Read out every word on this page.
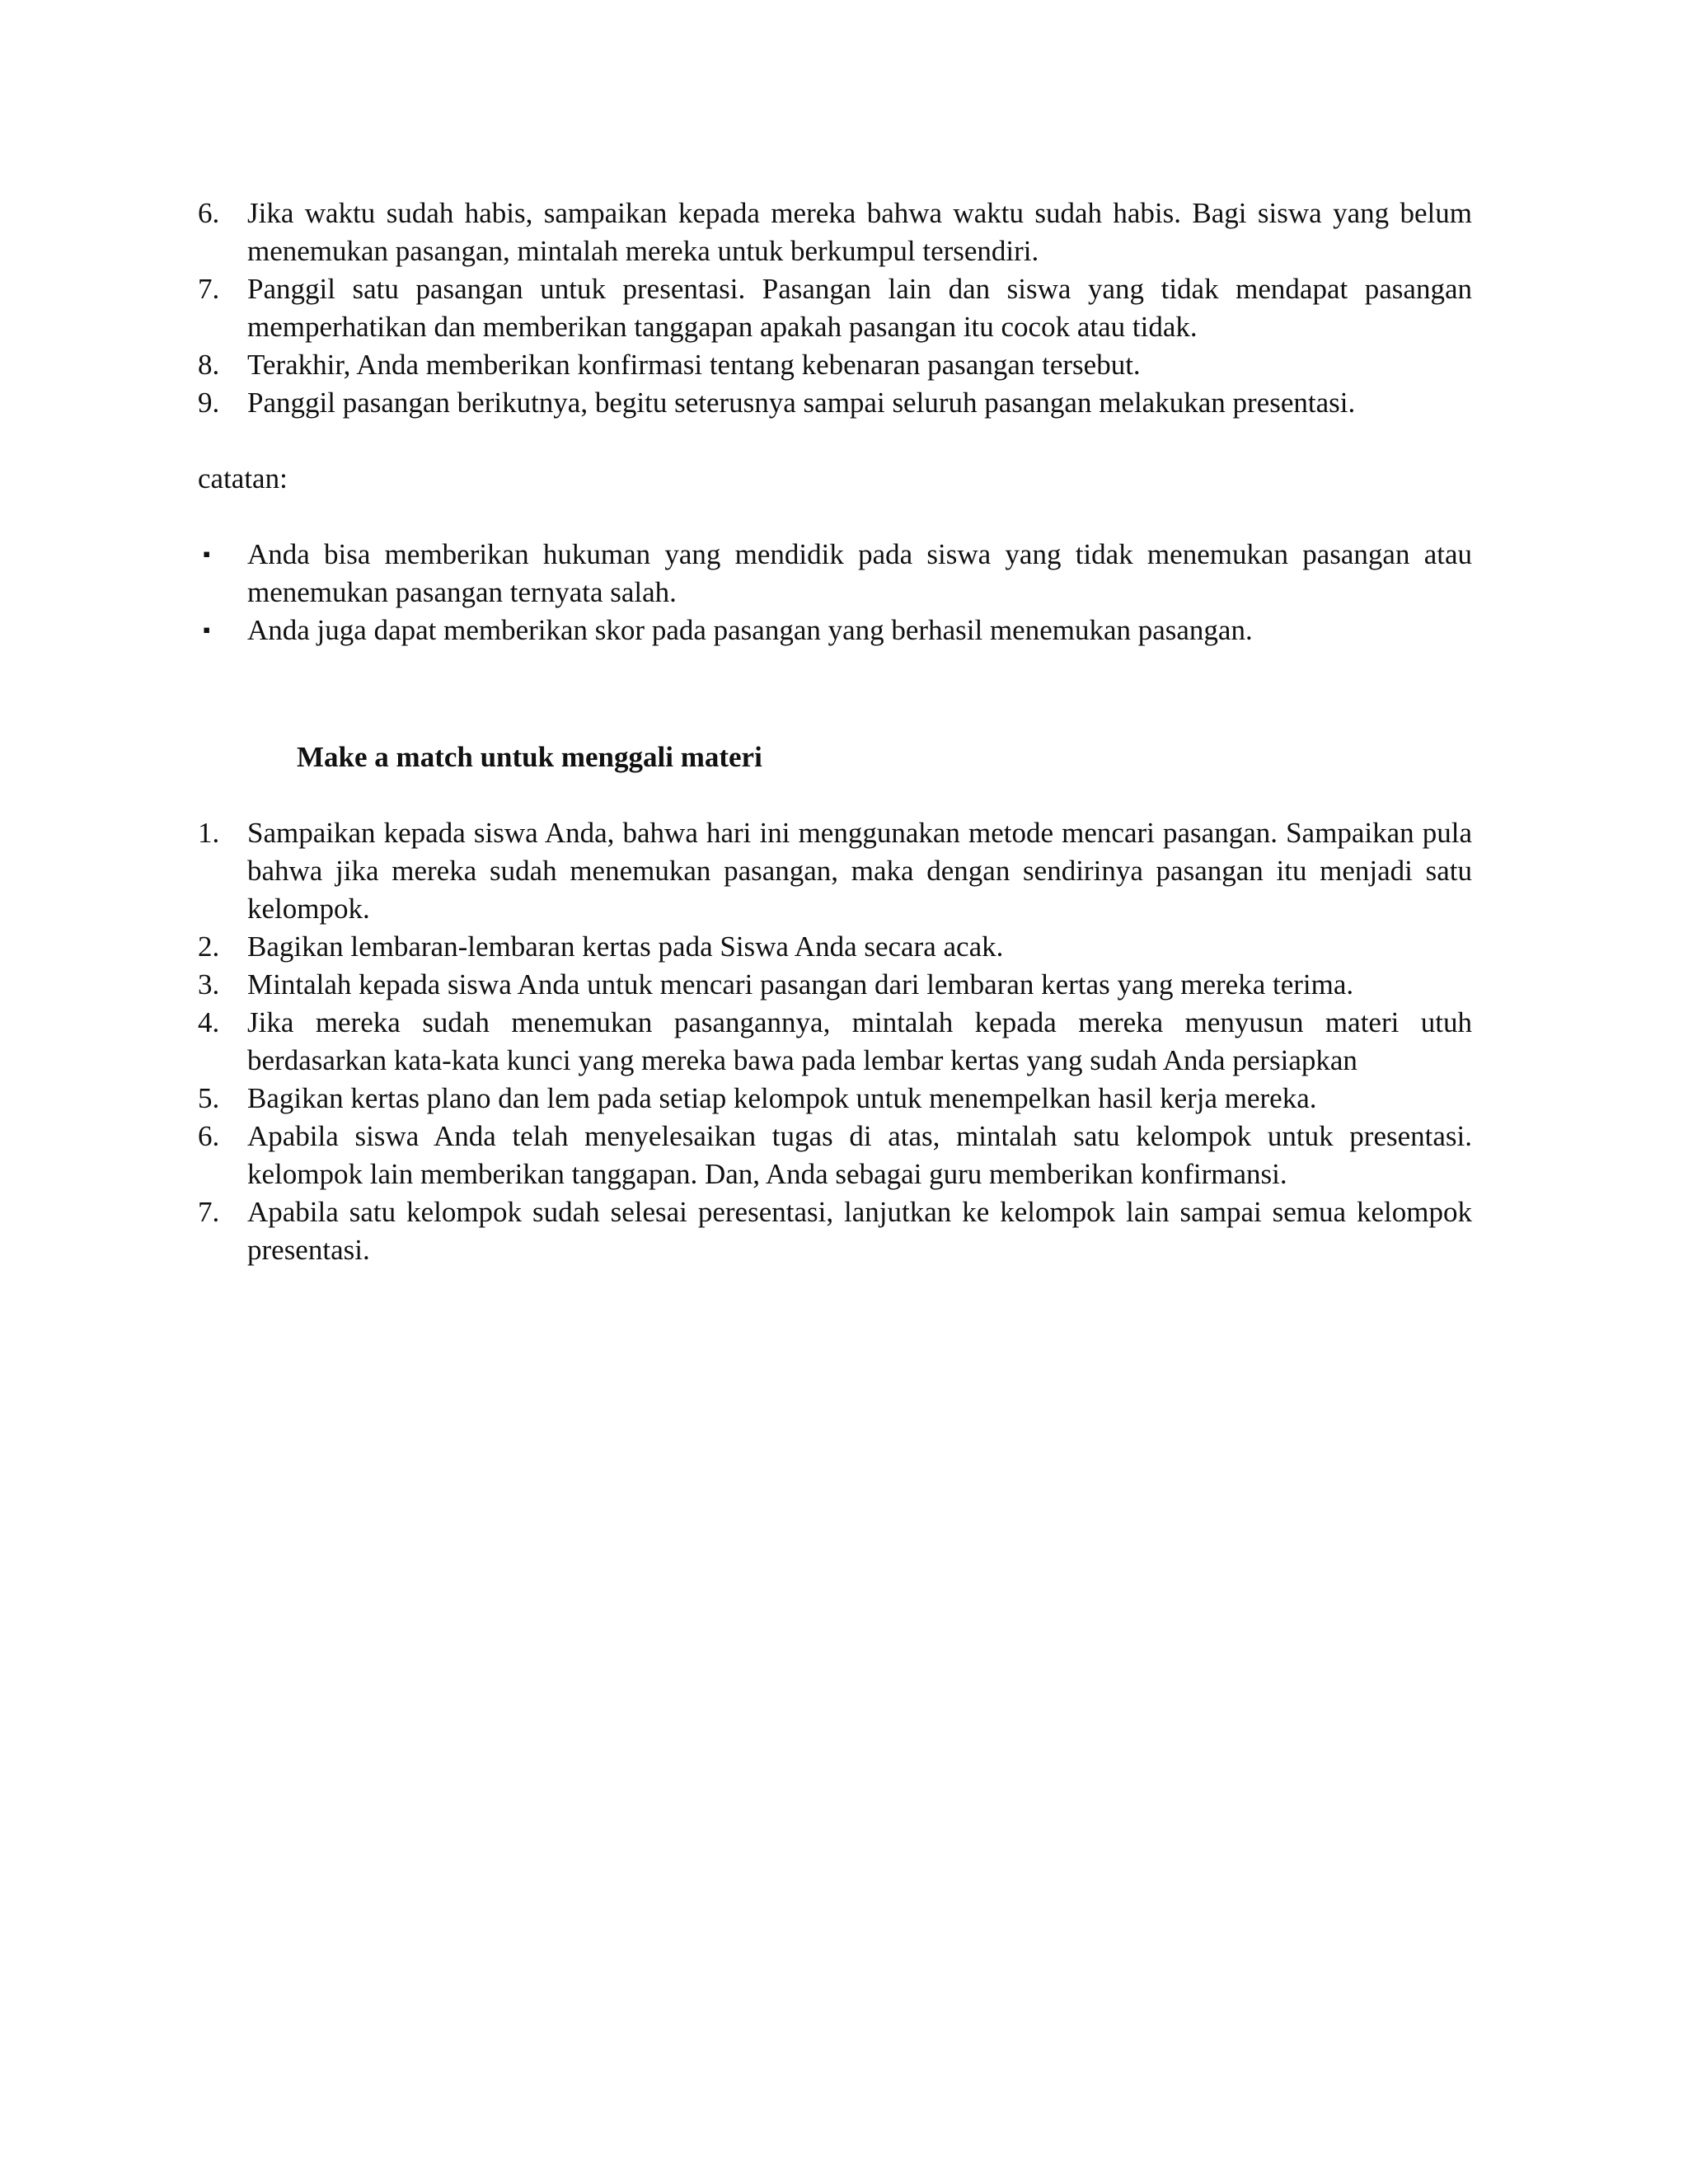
6. Jika waktu sudah habis, sampaikan kepada mereka bahwa waktu sudah habis. Bagi siswa yang belum menemukan pasangan, mintalah mereka untuk berkumpul tersendiri.
7. Panggil satu pasangan untuk presentasi. Pasangan lain dan siswa yang tidak mendapat pasangan memperhatikan dan memberikan tanggapan apakah pasangan itu cocok atau tidak.
8. Terakhir, Anda memberikan konfirmasi tentang kebenaran pasangan tersebut.
9. Panggil pasangan berikutnya, begitu seterusnya sampai seluruh pasangan melakukan presentasi.
catatan:
▪	Anda bisa memberikan hukuman yang mendidik pada siswa yang tidak menemukan pasangan atau menemukan pasangan ternyata salah.
▪	Anda juga dapat memberikan skor pada pasangan yang berhasil menemukan pasangan.
Make a match untuk menggali materi
1. Sampaikan kepada siswa Anda, bahwa hari ini menggunakan metode mencari pasangan. Sampaikan pula bahwa jika mereka sudah menemukan pasangan, maka dengan sendirinya pasangan itu menjadi satu kelompok.
2. Bagikan lembaran-lembaran kertas pada Siswa Anda secara acak.
3. Mintalah kepada siswa Anda untuk mencari pasangan dari lembaran kertas yang mereka terima.
4. Jika mereka sudah menemukan pasangannya, mintalah kepada mereka menyusun materi utuh berdasarkan kata-kata kunci yang mereka bawa pada lembar kertas yang sudah Anda persiapkan
5. Bagikan kertas plano dan lem pada setiap kelompok untuk menempelkan hasil kerja mereka.
6. Apabila siswa Anda telah menyelesaikan tugas di atas, mintalah satu kelompok untuk presentasi. kelompok lain memberikan tanggapan. Dan, Anda sebagai guru memberikan konfirmansi.
7. Apabila satu kelompok sudah selesai peresentasi, lanjutkan ke kelompok lain sampai semua kelompok presentasi.
